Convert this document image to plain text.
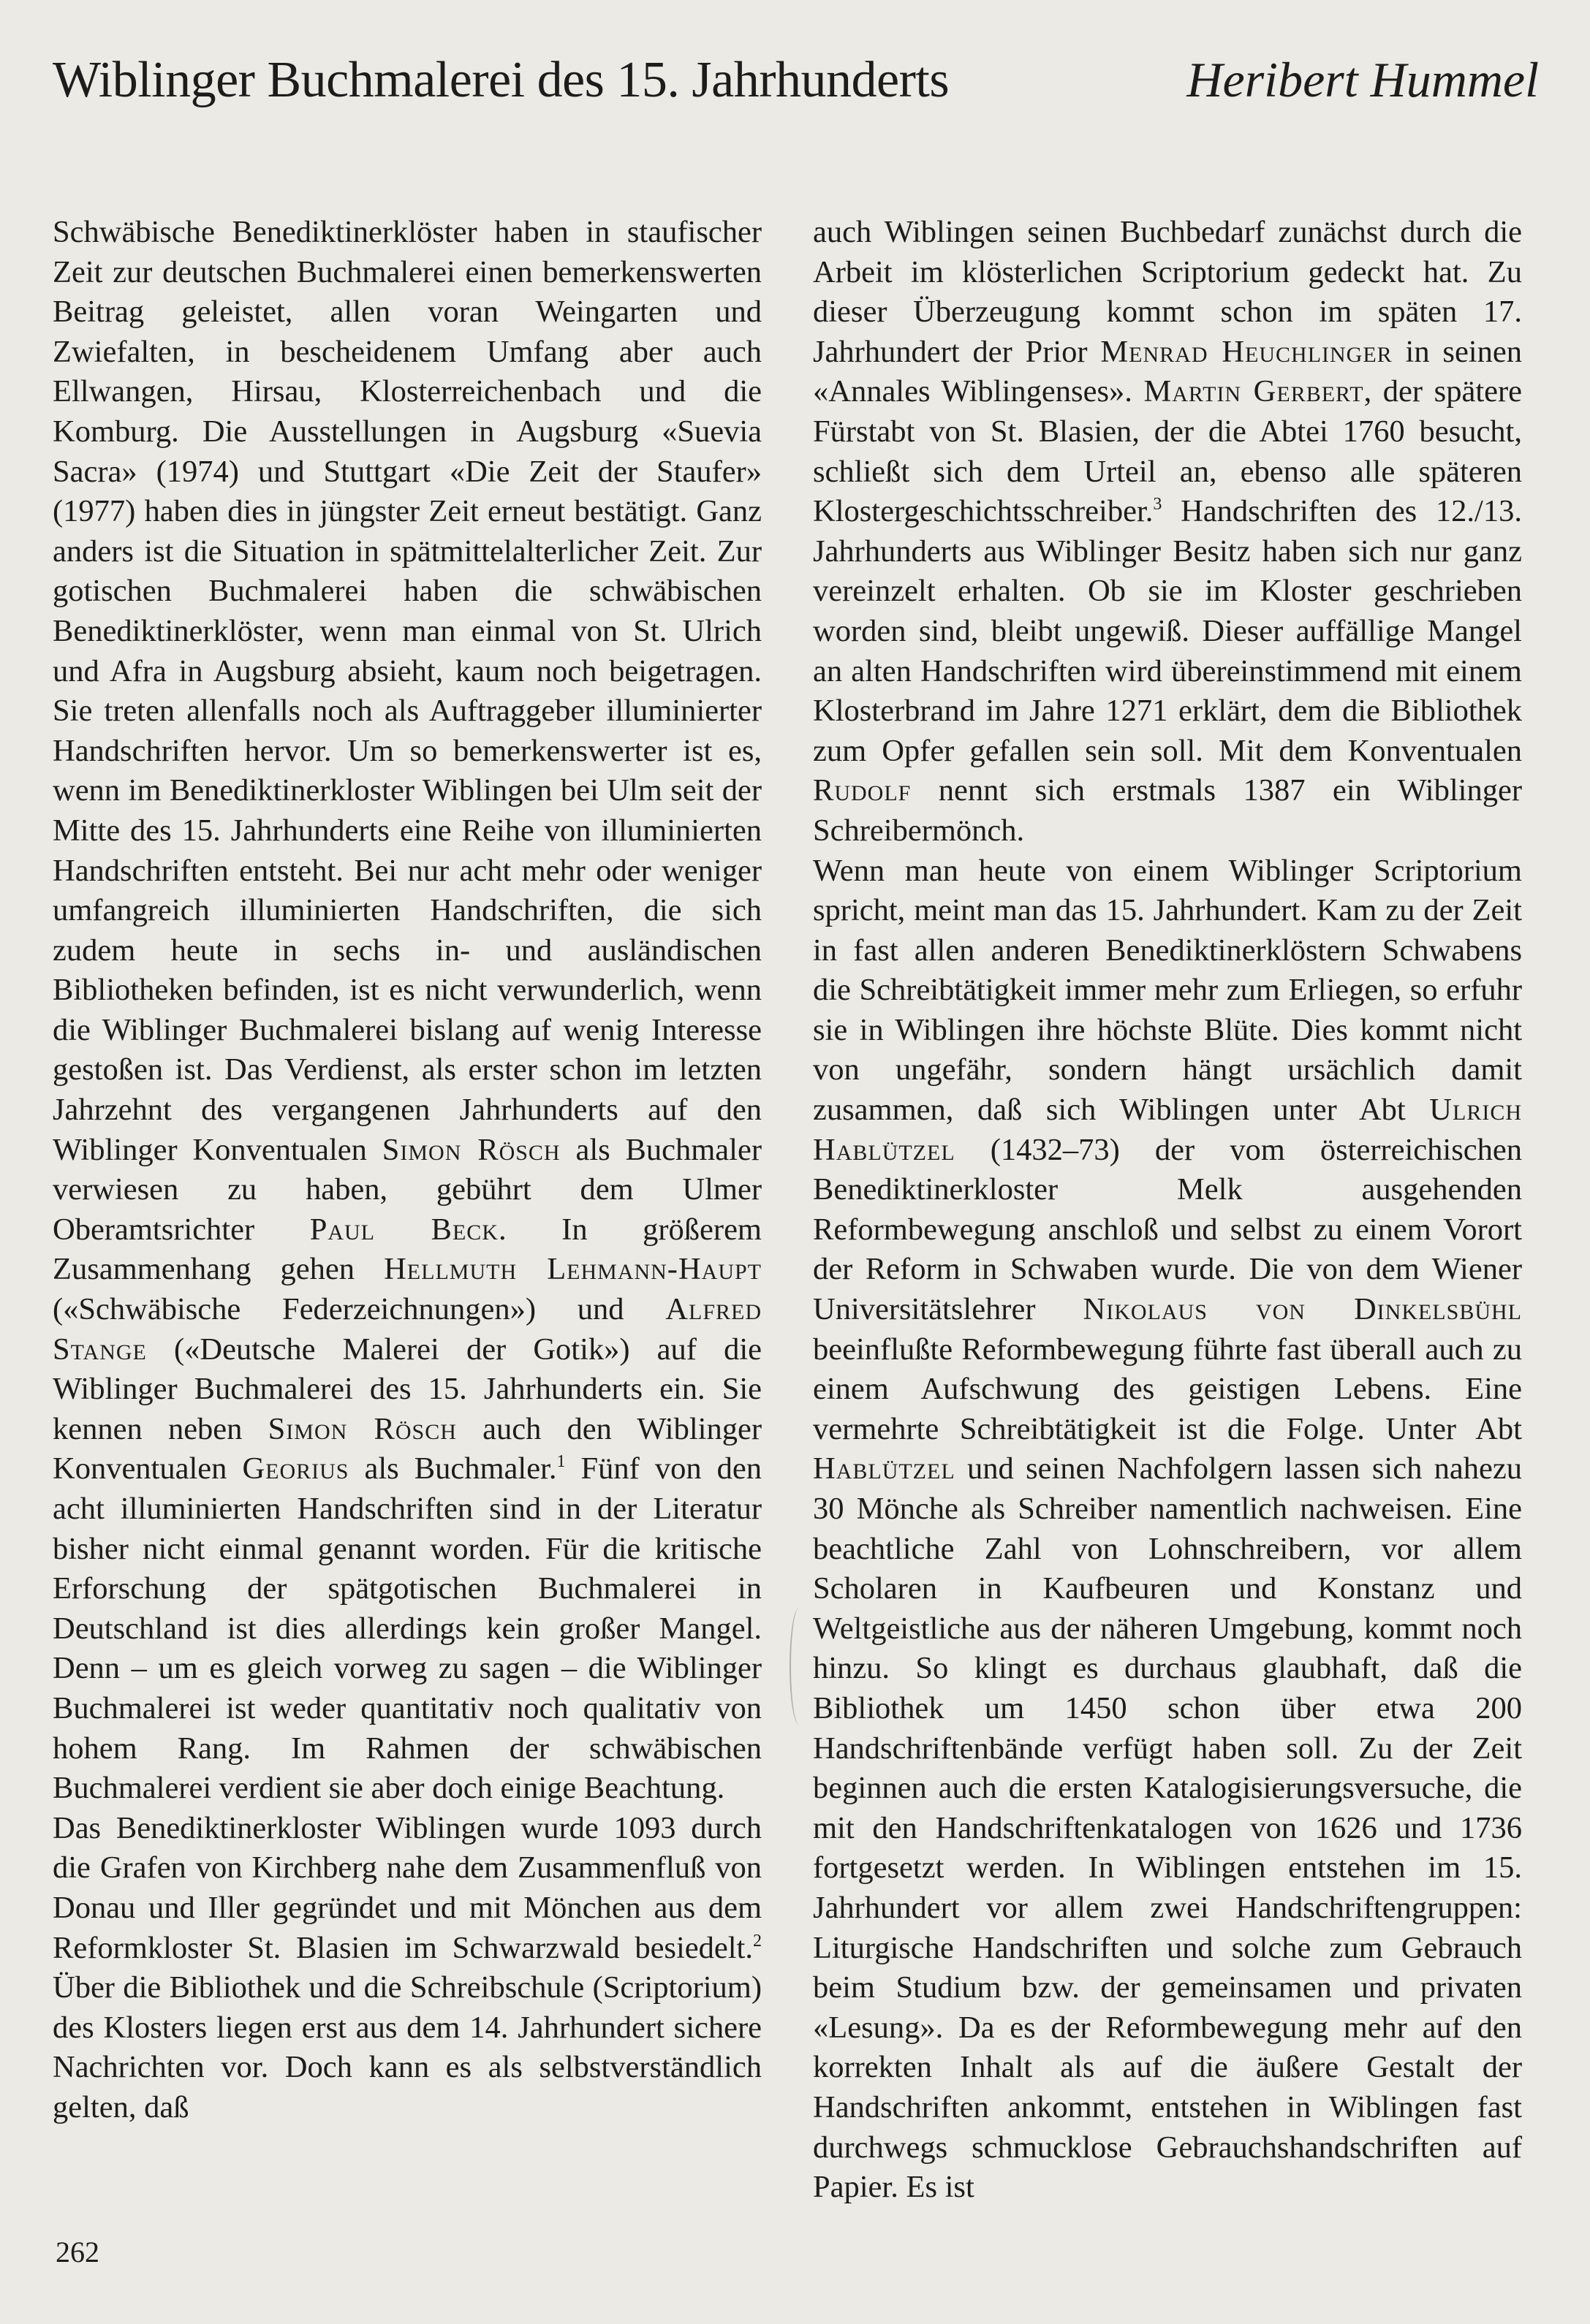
Wiblinger Buchmalerei des 15. Jahrhunderts	Heribert Hummel

Schwäbische Benediktinerklöster haben in staufischer Zeit zur deutschen Buchmalerei einen bemerkenswerten Beitrag geleistet, allen voran Weingarten und Zwiefalten, in bescheidenem Umfang aber auch Ellwangen, Hirsau, Klosterreichenbach und die Komburg. Die Ausstellungen in Augsburg «Suevia Sacra» (1974) und Stuttgart «Die Zeit der Staufer» (1977) haben dies in jüngster Zeit erneut bestätigt. Ganz anders ist die Situation in spätmittelalterlicher Zeit. Zur gotischen Buchmalerei haben die schwäbischen Benediktinerklöster, wenn man einmal von St. Ulrich und Afra in Augsburg absieht, kaum noch beigetragen. Sie treten allenfalls noch als Auftraggeber illuminierter Handschriften hervor. Um so bemerkenswerter ist es, wenn im Benediktinerkloster Wiblingen bei Ulm seit der Mitte des 15. Jahrhunderts eine Reihe von illuminierten Handschriften entsteht. Bei nur acht mehr oder weniger umfangreich illuminierten Handschriften, die sich zudem heute in sechs in- und ausländischen Bibliotheken befinden, ist es nicht verwunderlich, wenn die Wiblinger Buchmalerei bislang auf wenig Interesse gestoßen ist. Das Verdienst, als erster schon im letzten Jahrzehnt des vergangenen Jahrhunderts auf den Wiblinger Konventualen Simon Rösch als Buchmaler verwiesen zu haben, gebührt dem Ulmer Oberamtsrichter Paul Beck. In größerem Zusammenhang gehen Hellmuth Lehmann-Haupt («Schwäbische Federzeichnungen») und Alfred Stange («Deutsche Malerei der Gotik») auf die Wiblinger Buchmalerei des 15. Jahrhunderts ein. Sie kennen neben Simon Rösch auch den Wiblinger Konventualen Georius als Buchmaler.$^1$ Fünf von den acht illuminierten Handschriften sind in der Literatur bisher nicht einmal genannt worden. Für die kritische Erforschung der spätgotischen Buchmalerei in Deutschland ist dies allerdings kein großer Mangel. Denn – um es gleich vorweg zu sagen – die Wiblinger Buchmalerei ist weder quantitativ noch qualitativ von hohem Rang. Im Rahmen der schwäbischen Buchmalerei verdient sie aber doch einige Beachtung.

Das Benediktinerkloster Wiblingen wurde 1093 durch die Grafen von Kirchberg nahe dem Zusammenfluß von Donau und Iller gegründet und mit Mönchen aus dem Reformkloster St. Blasien im Schwarzwald besiedelt.$^2$ Über die Bibliothek und die Schreibschule (Scriptorium) des Klosters liegen erst aus dem 14. Jahrhundert sichere Nachrichten vor. Doch kann es als selbstverständlich gelten, daß

auch Wiblingen seinen Buchbedarf zunächst durch die Arbeit im klösterlichen Scriptorium gedeckt hat. Zu dieser Überzeugung kommt schon im späten 17. Jahrhundert der Prior Menrad Heuchlinger in seinen «Annales Wiblingenses». Martin Gerbert, der spätere Fürstabt von St. Blasien, der die Abtei 1760 besucht, schließt sich dem Urteil an, ebenso alle späteren Klostergeschichtsschreiber.$^3$ Handschriften des 12./13. Jahrhunderts aus Wiblinger Besitz haben sich nur ganz vereinzelt erhalten. Ob sie im Kloster geschrieben worden sind, bleibt ungewiß. Dieser auffällige Mangel an alten Handschriften wird übereinstimmend mit einem Klosterbrand im Jahre 1271 erklärt, dem die Bibliothek zum Opfer gefallen sein soll. Mit dem Konventualen Rudolf nennt sich erstmals 1387 ein Wiblinger Schreibermönch.

Wenn man heute von einem Wiblinger Scriptorium spricht, meint man das 15. Jahrhundert. Kam zu der Zeit in fast allen anderen Benediktinerklöstern Schwabens die Schreibtätigkeit immer mehr zum Erliegen, so erfuhr sie in Wiblingen ihre höchste Blüte. Dies kommt nicht von ungefähr, sondern hängt ursächlich damit zusammen, daß sich Wiblingen unter Abt Ulrich Hablützel (1432–73) der vom österreichischen Benediktinerkloster Melk ausgehenden Reformbewegung anschloß und selbst zu einem Vorort der Reform in Schwaben wurde. Die von dem Wiener Universitätslehrer Nikolaus von Dinkelsbühl beeinflußte Reformbewegung führte fast überall auch zu einem Aufschwung des geistigen Lebens. Eine vermehrte Schreibtätigkeit ist die Folge. Unter Abt Hablützel und seinen Nachfolgern lassen sich nahezu 30 Mönche als Schreiber namentlich nachweisen. Eine beachtliche Zahl von Lohnschreibern, vor allem Scholaren in Kaufbeuren und Konstanz und Weltgeistliche aus der näheren Umgebung, kommt noch hinzu. So klingt es durchaus glaubhaft, daß die Bibliothek um 1450 schon über etwa 200 Handschriftenbände verfügt haben soll. Zu der Zeit beginnen auch die ersten Katalogisierungsversuche, die mit den Handschriftenkatalogen von 1626 und 1736 fortgesetzt werden. In Wiblingen entstehen im 15. Jahrhundert vor allem zwei Handschriftengruppen: Liturgische Handschriften und solche zum Gebrauch beim Studium bzw. der gemeinsamen und privaten «Lesung». Da es der Reformbewegung mehr auf den korrekten Inhalt als auf die äußere Gestalt der Handschriften ankommt, entstehen in Wiblingen fast durchwegs schmucklose Gebrauchshandschriften auf Papier. Es ist

262
